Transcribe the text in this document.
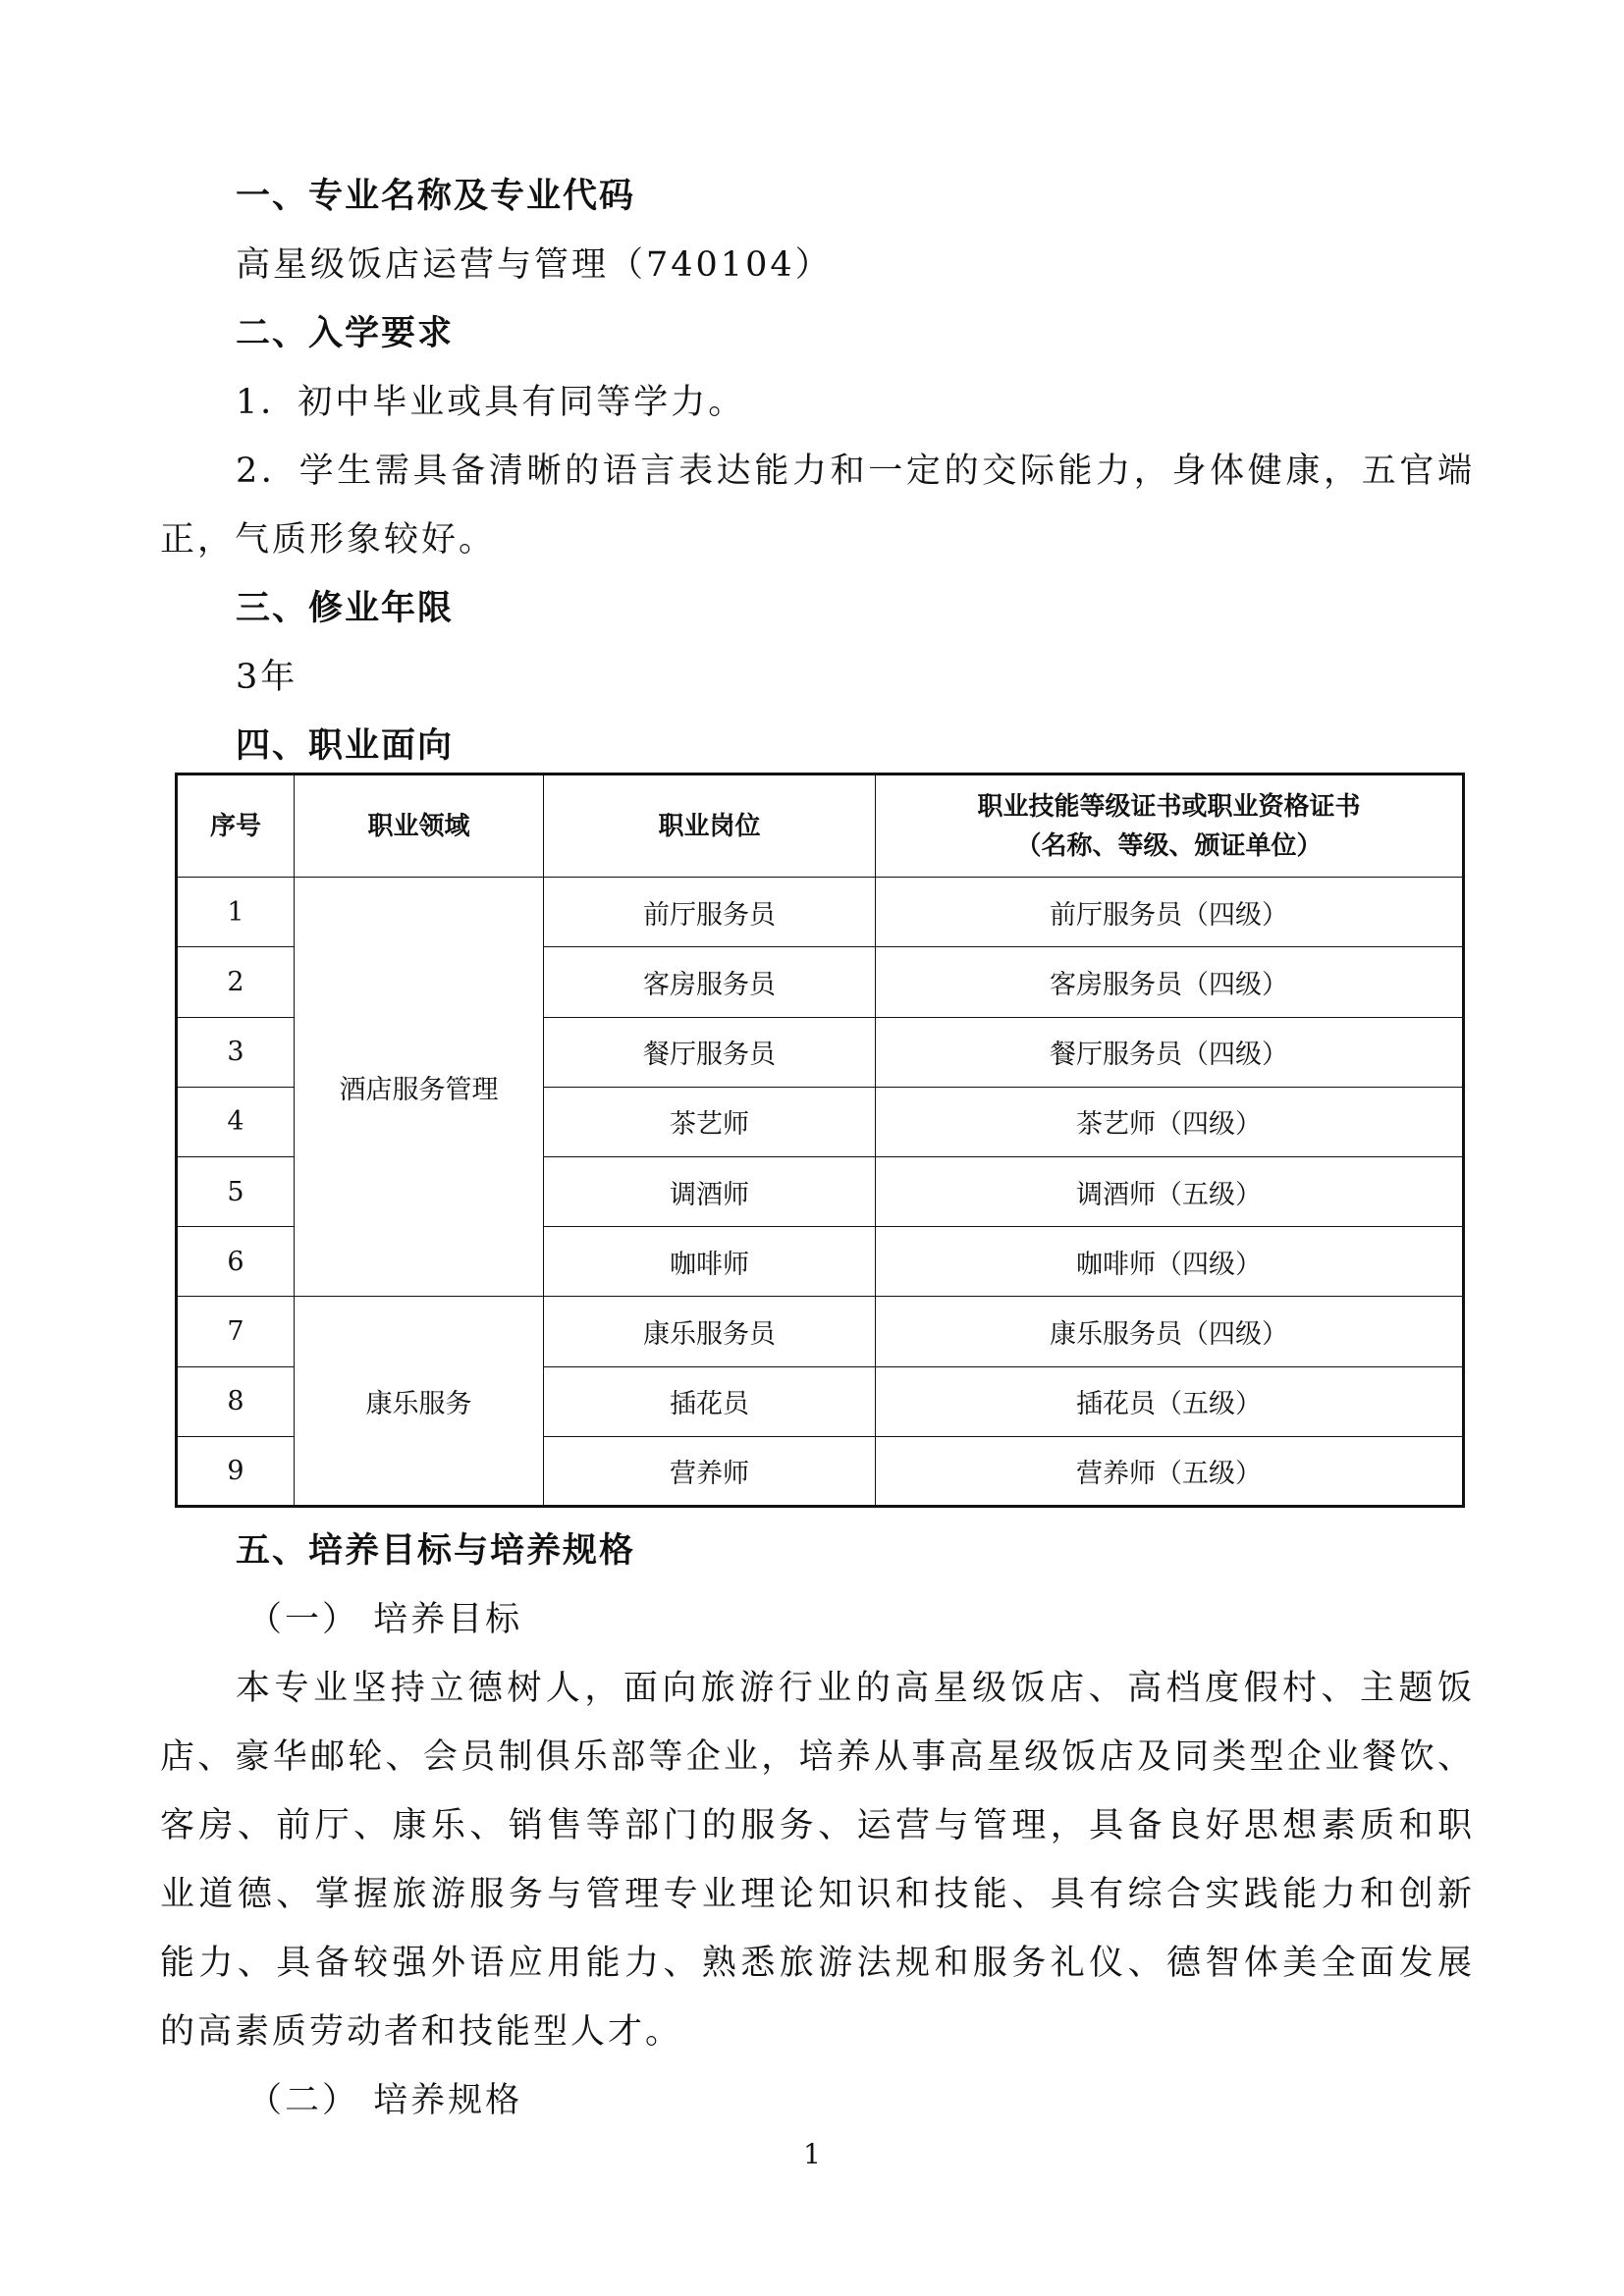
一、专业名称及专业代码
高星级饭店运营与管理（740104）
二、入学要求
1．初中毕业或具有同等学力。
2．学生需具备清晰的语言表达能力和一定的交际能力，身体健康，五官端
正，气质形象较好。
三、修业年限
3年
四、职业面向
序号	职业领域	职业岗位	职业技能等级证书或职业资格证书
（名称、等级、颁证单位）

1	酒店服务管理	前厅服务员	前厅服务员（四级）
2		客房服务员	客房服务员（四级）
3		餐厅服务员	餐厅服务员（四级）
4		茶艺师	茶艺师（四级）
5		调酒师	调酒师（五级）
6		咖啡师	咖啡师（四级）
7	康乐服务	康乐服务员	康乐服务员（四级）
8		插花员	插花员（五级）
9		营养师	营养师（五级）
五、培养目标与培养规格
（一） 培养目标
本专业坚持立德树人，面向旅游行业的高星级饭店、高档度假村、主题饭
店、豪华邮轮、会员制俱乐部等企业，培养从事高星级饭店及同类型企业餐饮、
客房、前厅、康乐、销售等部门的服务、运营与管理，具备良好思想素质和职
业道德、掌握旅游服务与管理专业理论知识和技能、具有综合实践能力和创新
能力、具备较强外语应用能力、熟悉旅游法规和服务礼仪、德智体美全面发展
的高素质劳动者和技能型人才。
（二） 培养规格
1
